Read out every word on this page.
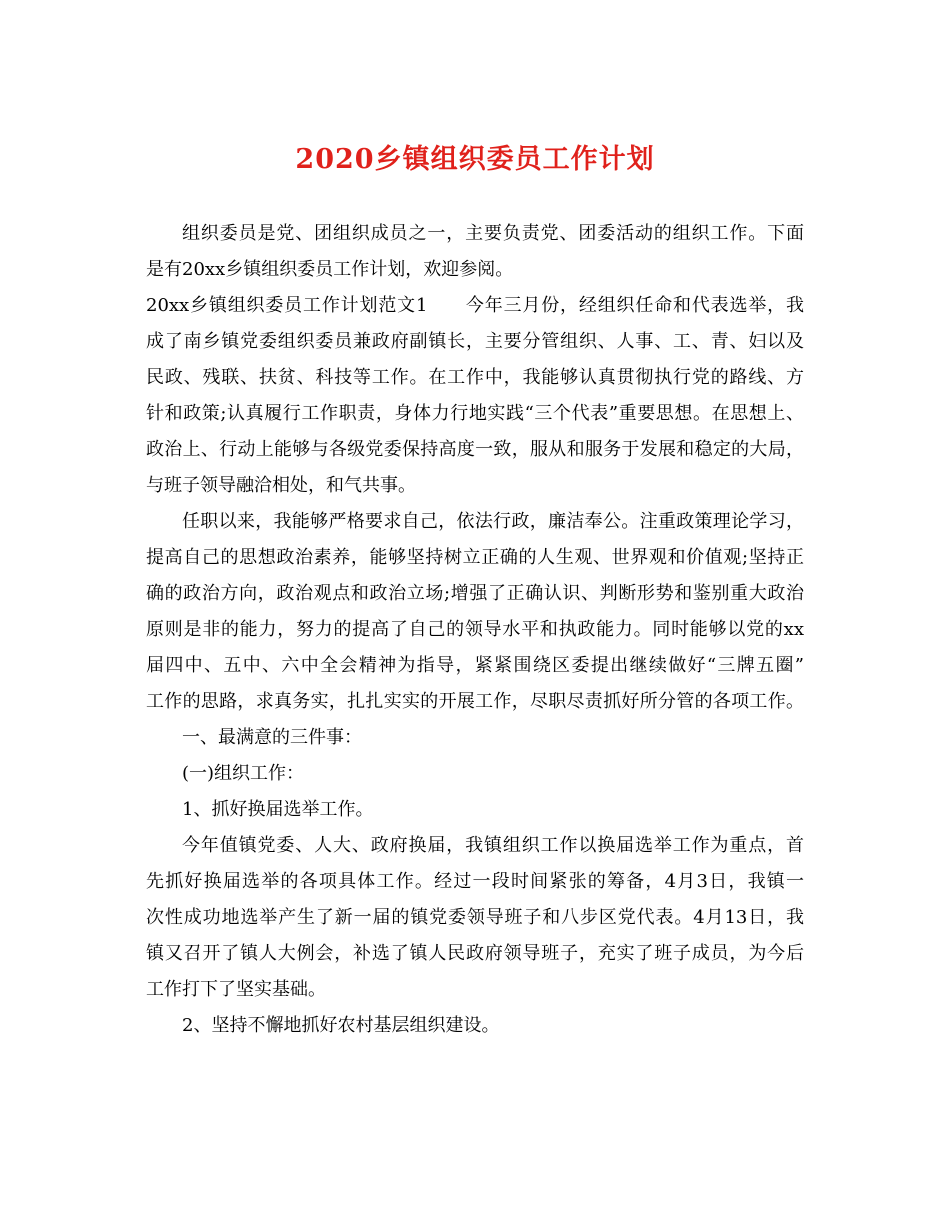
2020乡镇组织委员工作计划
组织委员是党、团组织成员之一，主要负责党、团委活动的组织工作。下面
是有20xx乡镇组织委员工作计划，欢迎参阅。
20xx乡镇组织委员工作计划范文1　　今年三月份，经组织任命和代表选举，我
成了南乡镇党委组织委员兼政府副镇长，主要分管组织、人事、工、青、妇以及
民政、残联、扶贫、科技等工作。在工作中，我能够认真贯彻执行党的路线、方
针和政策;认真履行工作职责，身体力行地实践“三个代表”重要思想。在思想上、
政治上、行动上能够与各级党委保持高度一致，服从和服务于发展和稳定的大局，
与班子领导融洽相处，和气共事。
任职以来，我能够严格要求自己，依法行政，廉洁奉公。注重政策理论学习，
提高自己的思想政治素养，能够坚持树立正确的人生观、世界观和价值观;坚持正
确的政治方向，政治观点和政治立场;增强了正确认识、判断形势和鉴别重大政治
原则是非的能力，努力的提高了自己的领导水平和执政能力。同时能够以党的xx
届四中、五中、六中全会精神为指导，紧紧围绕区委提出继续做好“三牌五圈”
工作的思路，求真务实，扎扎实实的开展工作，尽职尽责抓好所分管的各项工作。
一、最满意的三件事：
(一)组织工作：
1、抓好换届选举工作。
今年值镇党委、人大、政府换届，我镇组织工作以换届选举工作为重点，首
先抓好换届选举的各项具体工作。经过一段时间紧张的筹备，4月3日，我镇一
次性成功地选举产生了新一届的镇党委领导班子和八步区党代表。4月13日，我
镇又召开了镇人大例会，补选了镇人民政府领导班子，充实了班子成员，为今后
工作打下了坚实基础。
2、坚持不懈地抓好农村基层组织建设。
